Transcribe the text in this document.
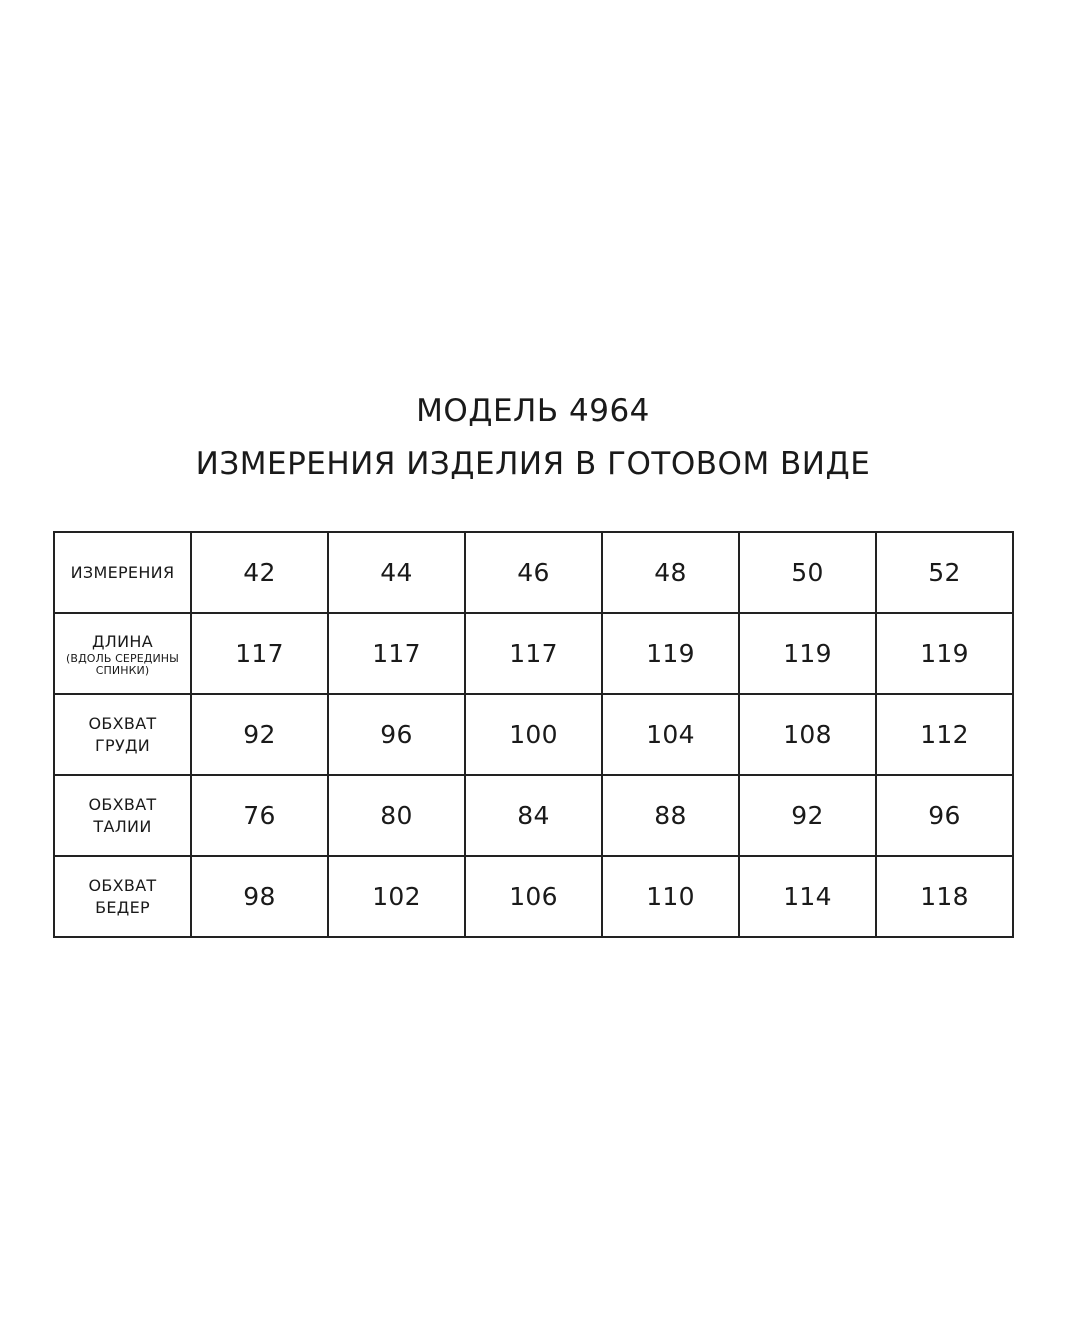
МОДЕЛЬ 4964
ИЗМЕРЕНИЯ ИЗДЕЛИЯ В ГОТОВОМ ВИДЕ
ИЗМЕРЕНИЯ	42	44	46	48	50	52

ДЛИНА
(ВДОЛЬ СЕРЕДИНЫ
СПИНКИ)	117	117	117	119	119	119

ОБХВАТ
ГРУДИ	92	96	100	104	108	112

ОБХВАТ
ТАЛИИ	76	80	84	88	92	96

ОБХВАТ
БЕДЕР	98	102	106	110	114	118
